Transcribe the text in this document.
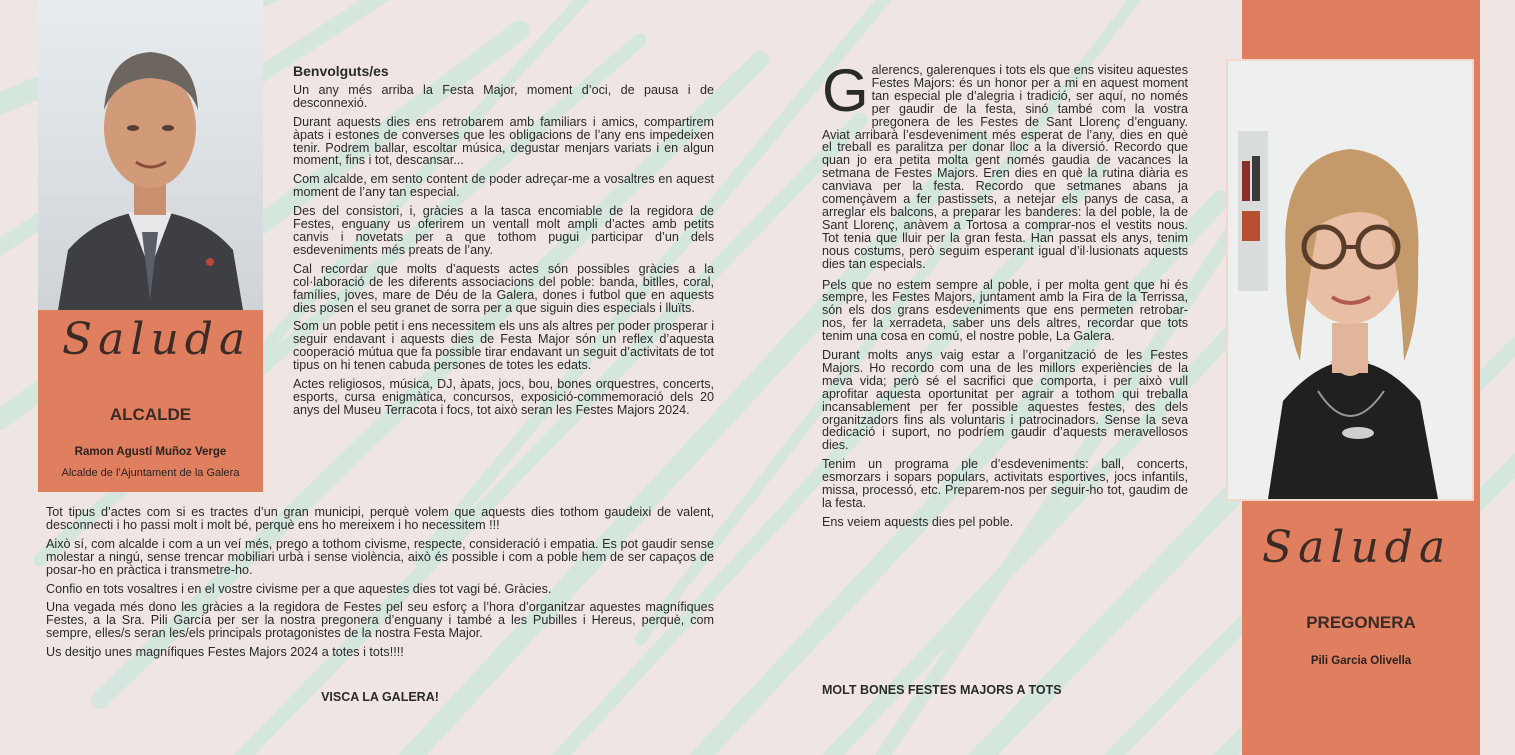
Saluda
ALCALDE
Ramon Agustí Muñoz Verge
Alcalde de l’Ajuntament de la Galera

Benvolguts/es

Un any més arriba la Festa Major, moment d’oci, de pausa i de desconnexió.

Durant aquests dies ens retrobarem amb familiars i amics, compartirem àpats i estones de converses que les obligacions de l’any ens impedeixen tenir. Podrem ballar, escoltar música, degustar menjars variats i en algun moment, fins i tot, descansar...

Com alcalde, em sento content de poder adreçar-me a vosaltres en aquest moment de l’any tan especial.

Des del consistori, i, gràcies a la tasca encomiable de la regidora de Festes, enguany us oferirem un ventall molt ampli d’actes amb petits canvis i novetats per a que tothom pugui participar d’un dels esdeveniments més preats de l’any.

Cal recordar que molts d’aquests actes són possibles gràcies a la col·laboració de les diferents associacions del poble: banda, bitlles, coral, famílies, joves, mare de Déu de la Galera, dones i futbol que en aquests dies posen el seu granet de sorra per a que siguin dies especials i lluïts.

Som un poble petit i ens necessitem els uns als altres per poder prosperar i seguir endavant i aquests dies de Festa Major són un reflex d’aquesta cooperació mútua que fa possible tirar endavant un seguit d’activitats de tot tipus on hi tenen cabuda persones de totes les edats.

Actes religiosos, música, DJ, àpats, jocs, bou, bones orquestres, concerts, esports, cursa enigmàtica, concursos, exposició-commemoració dels 20 anys del Museu Terracota i focs, tot això seran les Festes Majors 2024.

Tot tipus d’actes com si es tractes d’un gran municipi, perquè volem que aquests dies tothom gaudeixi de valent, desconnecti i ho passi molt i molt bé, perquè ens ho mereixem i ho necessitem !!!

Això sí, com alcalde i com a un veí més, prego a tothom civisme, respecte, consideració i empatia. Es pot gaudir sense molestar a ningú, sense trencar mobiliari urbà i sense violència, això és possible i com a poble hem de ser capaços de posar-ho en pràctica i transmetre-ho.

Confio en tots vosaltres i en el vostre civisme per a que aquestes dies tot vagi bé. Gràcies.

Una vegada més dono les gràcies a la regidora de Festes pel seu esforç a l’hora d’organitzar aquestes magnífiques Festes, a la Sra. Pili García per ser la nostra pregonera d’enguany i també a les Pubilles i Hereus, perquè, com sempre, elles/s seran les/els principals protagonistes de la nostra Festa Major.

Us desitjo unes magnífiques Festes Majors 2024 a totes i tots!!!!

VISCA LA GALERA!

Galerencs, galerenques i tots els que ens visiteu aquestes Festes Majors: és un honor per a mi en aquest moment tan especial ple d’alegria i tradició, ser aquí, no només per gaudir de la festa, sinó també com la vostra pregonera de les Festes de Sant Llorenç d’enguany. Aviat arribarà l’esdeveniment més esperat de l’any, dies en què el treball es paralitza per donar lloc a la diversió. Recordo que quan jo era petita molta gent només gaudia de vacances la setmana de Festes Majors. Eren dies en què la rutina diària es canviava per la festa. Recordo que setmanes abans ja començàvem a fer pastissets, a netejar els panys de casa, a arreglar els balcons, a preparar les banderes: la del poble, la de Sant Llorenç, anàvem a Tortosa a comprar-nos el vestits nous. Tot tenia que lluir per la gran festa. Han passat els anys, tenim nous costums, però seguim esperant igual d’il·lusionats aquests dies tan especials.

Pels que no estem sempre al poble, i per molta gent que hi és sempre, les Festes Majors, juntament amb la Fira de la Terrissa, són els dos grans esdeveniments que ens permeten retrobar-nos, fer la xerradeta, saber uns dels altres, recordar que tots tenim una cosa en comú, el nostre poble, La Galera.

Durant molts anys vaig estar a l’organització de les Festes Majors. Ho recordo com una de les millors experiències de la meva vida; però sé el sacrifici que comporta, i per això vull aprofitar aquesta oportunitat per agrair a tothom qui treballa incansablement per fer possible aquestes festes, des dels organitzadors fins als voluntaris i patrocinadors. Sense la seva dedicació i suport, no podríem gaudir d’aquests meravellosos dies.

Tenim un programa ple d’esdeveniments: ball, concerts, esmorzars i sopars populars, activitats esportives, jocs infantils, missa, processó, etc. Preparem-nos per seguir-ho tot, gaudim de la festa.

Ens veiem aquests dies pel poble.

MOLT BONES FESTES MAJORS A TOTS
Saluda
PREGONERA
Pili Garcia Olivella
